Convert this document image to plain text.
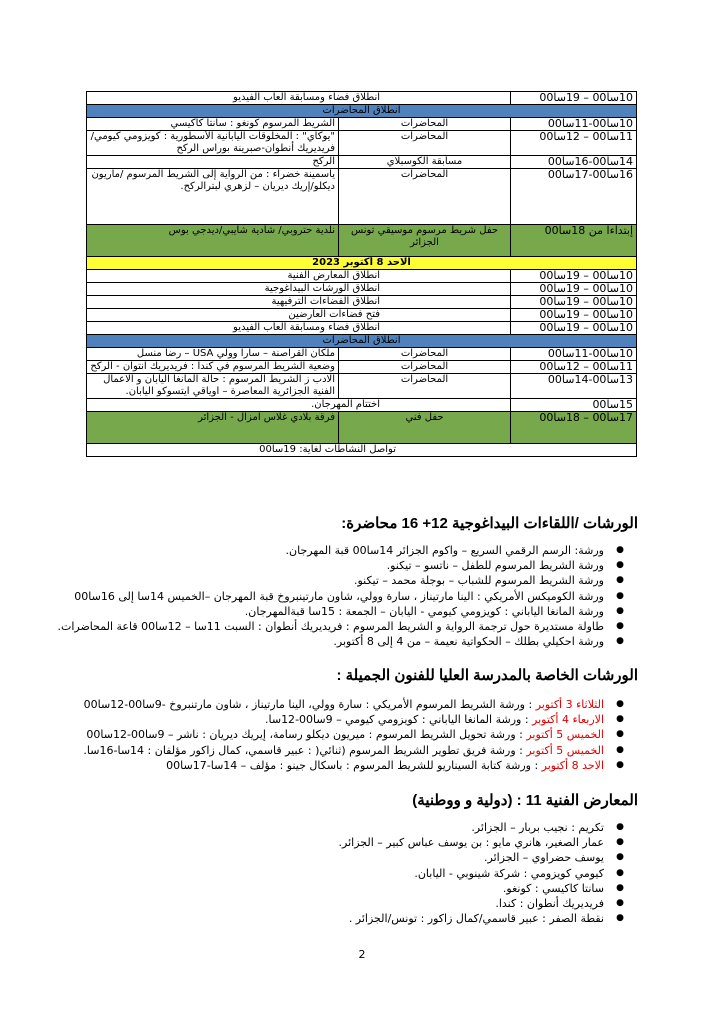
10سا00 – 19سا00	انطلاق فضاء ومسابقة ألعاب الفيديو	
انطلاق المحاضرات		
10سا00-11سا00	المحاضرات	الشريط المرسوم كونغو : سانتا كاكيسي
11سا00 – 12سا00	المحاضرات	"يوكاي" : المخلوقات اليابانية الأسطورية : كويزومي كيومي/فريديريك أنطوان-صبرينة بوراس الركح
14سا00-16سا00	مسابقة الكوسبلاي	الركح
16سا00-17سا00	المحاضرات	ياسمينة خضراء : من الرواية إلى الشريط المرسوم /ماريون ديكلو/إريك ديريان – لزهري لبترالركح.
إبتداءا من 18سا00	حفل شريط مرسوم موسيقي تونس الجزائر	نلدية حتروبي/ شادية شايبي/ديدجي بوس
الاحد 8 أكتوبر 2023		
10سا00 – 19سا00	انطلاق المعارض الفنية	
10سا00 – 19سا00	انطلاق الورشات البيداغوجية	
10سا00 – 19سا00	انطلاق الفضاءات الترفيهية	
10سا00 – 19سا00	فتح فضاءات العارضين	
10سا00 – 19سا00	انطلاق فضاء ومسابقة ألعاب الفيديو	
انطلاق المحاضرات		
10سا00-11سا00	المحاضرات	ملكان القراصنة – سارا وولي USA – رضا منسل
11سا00 – 12سا00	المحاضرات	وضعية الشريط المرسوم في كندا : فريديريك انتوان - الركح
13سا00-14سا00	المحاضرات	الادب ز الشريط المرسوم : حالة المانغا اليابان و الاعمال الفنية الجزائرية المعاصرة – اوياقي ايتسوكو اليابان.
15سا00	اختتام المهرجان.	
17سا00 – 18سا00	حفل فني	فرقة بلادي غلاس امزال - الجزائر
تواصل النشاطات لغاية: 19سا00		
الورشات /اللقاءات البيداغوجية 12+ 16 محاضرة:
●
ورشة: الرسم الرقمي السريع – واكوم الجزائر 14سا00 قبة المهرجان.
●
ورشة الشريط المرسوم للطفل – ناتسو – تيكنو.
●
ورشة الشريط المرسوم للشباب – بوجلة محمد – تيكنو.
●
ورشة الكوميكس الأمريكي : الينا مارتيناز ، سارة وولي، شاون مارتينبروخ قبة المهرجان –الخميس 14سا إلى 16سا00
●
ورشة المانغا الياباني : كويزومي كيومي - اليابان – الجمعة : 15سا قبةالمهرجان.
●
طاولة مستديرة حول ترجمة الرواية و الشريط المرسوم : فريديريك أنطوان : السبت 11سا – 12سا00 قاعة المحاضرات.
●
ورشة احكيلي بطلك – الحكواتية نعيمة – من 4 إلى 8 أكتوبر.
الورشات الخاصة بالمدرسة العليا للفنون الجميلة :
●
الثلاثاء 3 أكتوبر : ورشة الشريط المرسوم الأمريكي : سارة وولي، الينا مارتيناز ، شاون مارتنبروخ -9سا00-12سا00
●
الاربعاء 4 أكتوبر : ورشة المانغا الياباني : كويزومي كيومي – 9سا00-12سا.
●
الخميس 5 أكتوبر : ورشة تحويل الشريط المرسوم : ميريون ديكلو رسامة، إيريك ديريان : ناشر – 9سا00-12سا00
●
الخميس 5 أكتوبر : ورشة فريق تطوير الشريط المرسوم (ثنائي( : عبير قاسمي، كمال زاكور مؤلفان : 14سا-16سا.
●
الاحد 8 أكتوبر : ورشة كتابة السيناريو للشريط المرسوم : باسكال جينو : مؤلف – 14سا-17سا00
المعارض الفنية 11 : (دولية و ووطنية)
●
تكريم : نجيب بربار – الجزائر.
●
عمار الصغير، هانري مايو : بن يوسف عباس كبير – الجزائر.
●
يوسف حضراوي – الجزائر.
●
كيومي كويزومي : شركة شينوبي - اليابان.
●
سانتا كاكيسي : كونغو.
●
فريديريك أنطوان : كندا.
●
نقطة الصفر : عبير قاسمي/كمال زاكور : تونس/الجزائر .
2
